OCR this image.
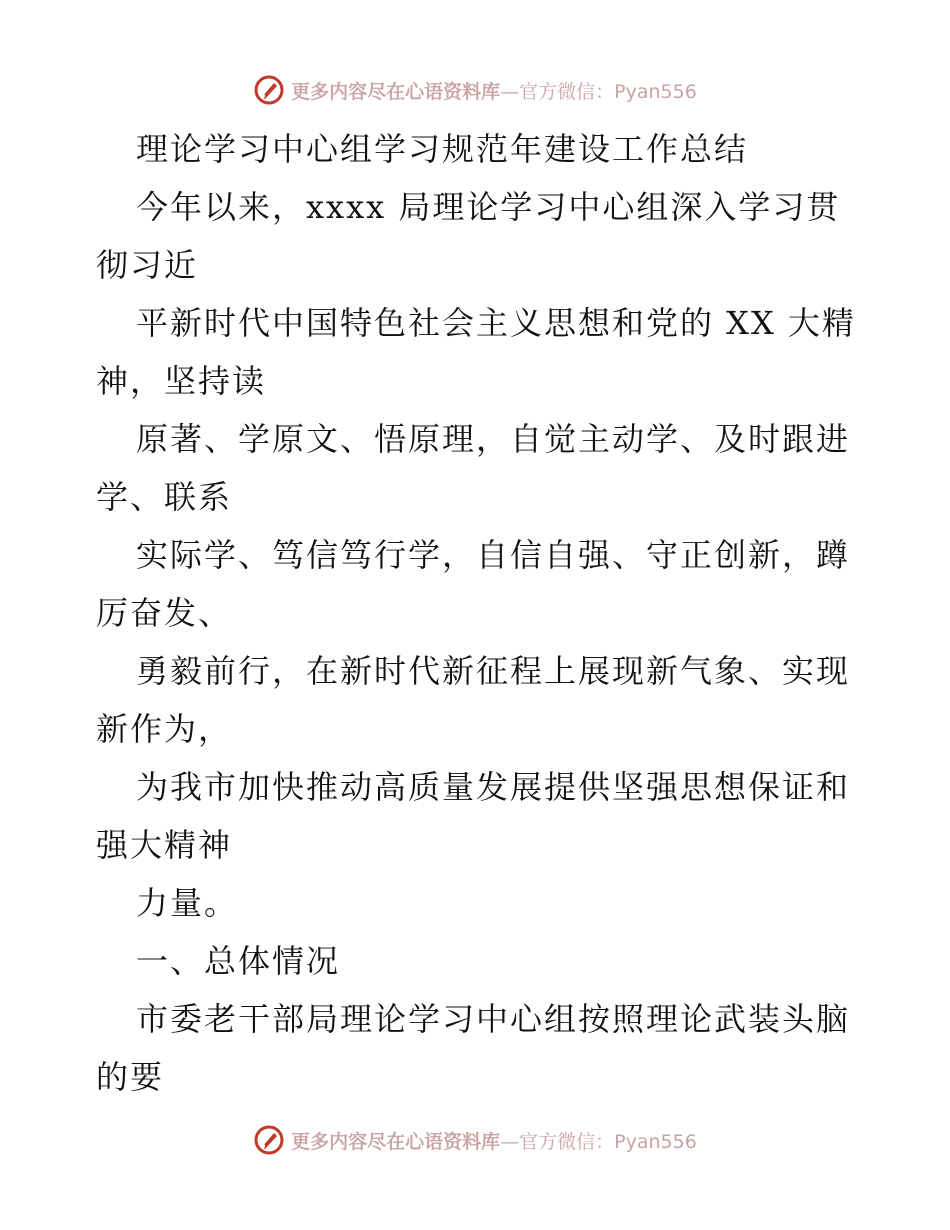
更多内容尽在心语资料库—官方微信：Pyan556
理论学习中心组学习规范年建设工作总结
今年以来，xxxx 局理论学习中心组深入学习贯
彻习近
平新时代中国特色社会主义思想和党的 XX 大精
神，坚持读
原著、学原文、悟原理，自觉主动学、及时跟进
学、联系
实际学、笃信笃行学，自信自强、守正创新，蹲
厉奋发、
勇毅前行，在新时代新征程上展现新气象、实现
新作为，
为我市加快推动高质量发展提供坚强思想保证和
强大精神
力量。
一、总体情况
市委老干部局理论学习中心组按照理论武装头脑
的要
更多内容尽在心语资料库—官方微信：Pyan556
